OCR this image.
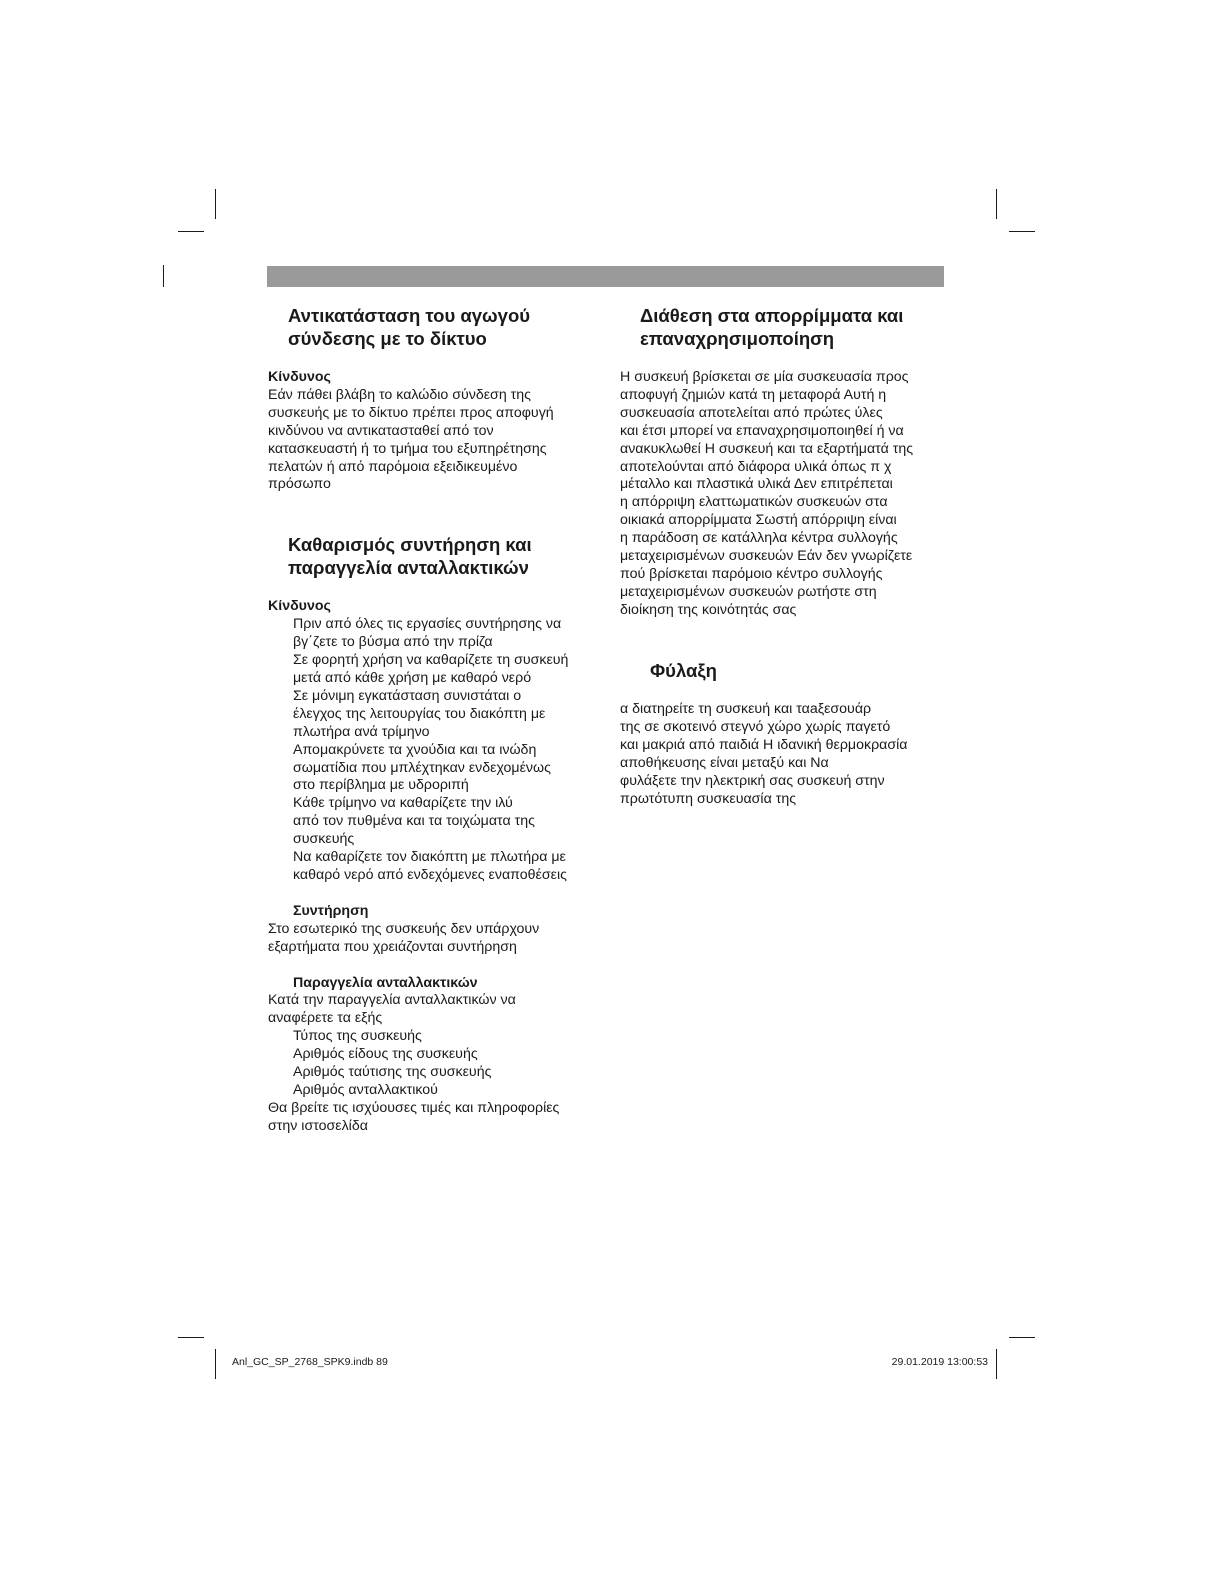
Αντικατάσταση του αγωγού
σύνδεσης με το δίκτυο

Κίνδυνος

Εάν πάθει βλάβη το καλώδιο σύνδεση της
συσκευής με το δίκτυο πρέπει προς αποφυγή
κινδύνου να αντικατασταθεί από τον
κατασκευαστή ή το τμήμα του εξυπηρέτησης
πελατών ή από παρόμοια εξειδικευμένο
πρόσωπο

Καθαρισμός συντήρηση και
παραγγελία ανταλλακτικών

Κίνδυνος

Πριν από όλες τις εργασίες συντήρησης να
βγ΄ζετε το βύσμα από την πρίζα

Σε φορητή χρήση να καθαρίζετε τη συσκευή
μετά από κάθε χρήση με καθαρό νερό

Σε μόνιμη εγκατάσταση συνιστάται ο
έλεγχος της λειτουργίας του διακόπτη με
πλωτήρα ανά τρίμηνο

Απομακρύνετε τα χνούδια και τα ινώδη
σωματίδια που μπλέχτηκαν ενδεχομένως
στο περίβλημα με υδροριπή

Κάθε τρίμηνο να καθαρίζετε την ιλύ
από τον πυθμένα και τα τοιχώματα της
συσκευής

Να καθαρίζετε τον διακόπτη με πλωτήρα με
καθαρό νερό από ενδεχόμενες εναποθέσεις

Συντήρηση

Στο εσωτερικό της συσκευής δεν υπάρχουν
εξαρτήματα που χρειάζονται συντήρηση

Παραγγελία ανταλλακτικών

Κατά την παραγγελία ανταλλακτικών να
αναφέρετε τα εξής

Τύπος της συσκευής

Αριθμός είδους της συσκευής

Αριθμός ταύτισης της συσκευής

Αριθμός ανταλλακτικού

Θα βρείτε τις ισχύουσες τιμές και πληροφορίες
στην ιστοσελίδα

Διάθεση στα απορρίμματα και
επαναχρησιμοποίηση

Η συσκευή βρίσκεται σε μία συσκευασία προς
αποφυγή ζημιών κατά τη μεταφορά Αυτή η
συσκευασία αποτελείται από πρώτες ύλες
και έτσι μπορεί να επαναχρησιμοποιηθεί ή να
ανακυκλωθεί Η συσκευή και τα εξαρτήματά της
αποτελούνται από διάφορα υλικά όπως π χ
μέταλλο και πλαστικά υλικά Δεν επιτρέπεται
η απόρριψη ελαττωματικών συσκευών στα
οικιακά απορρίμματα Σωστή απόρριψη είναι
η παράδοση σε κατάλληλα κέντρα συλλογής
μεταχειρισμένων συσκευών Εάν δεν γνωρίζετε
πού βρίσκεται παρόμοιο κέντρο συλλογής
μεταχειρισμένων συσκευών ρωτήστε στη
διοίκηση της κοινότητάς σας

Φύλαξη

α διατηρείτε τη συσκευή και ταаξεσουάρ
της σε σκοτεινό στεγνό χώρο χωρίς παγετό
και μακριά από παιδιά Η ιδανική θερμοκρασία
αποθήκευσης είναι μεταξύ και Να
φυλάξετε την ηλεκτρική σας συσκευή στην
πρωτότυπη συσκευασία της

Anl_GC_SP_2768_SPK9.indb 89	29.01.2019 13:00:53
